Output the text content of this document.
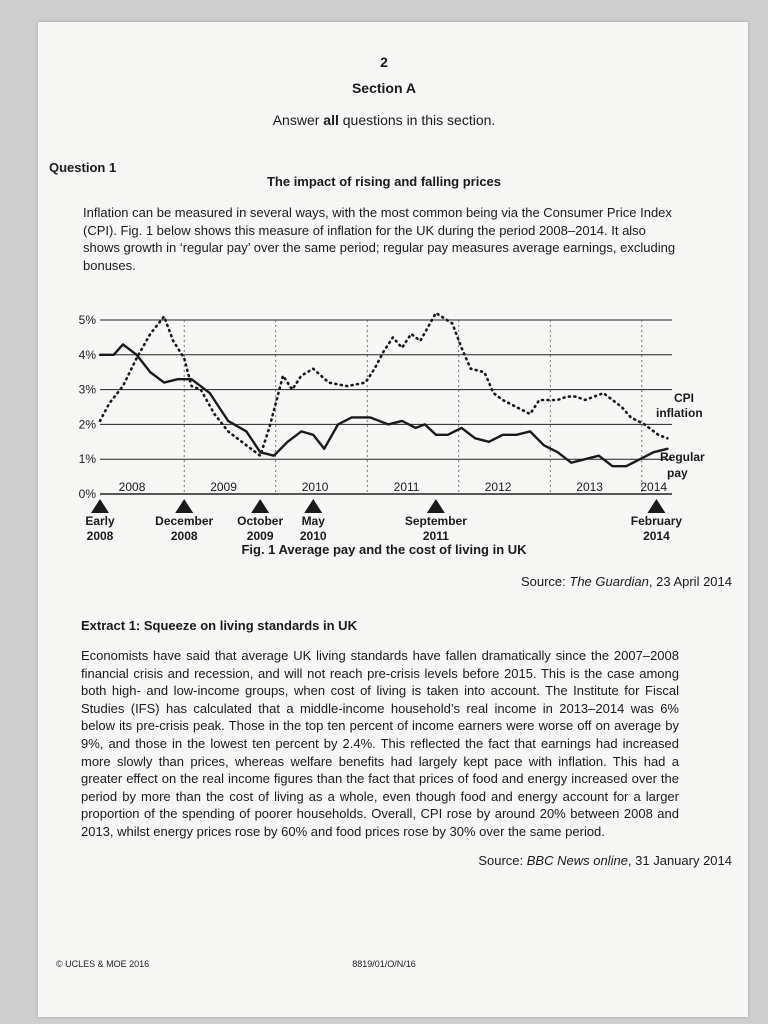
2
Section A
Answer all questions in this section.
Question 1
The impact of rising and falling prices

Inflation can be measured in several ways, with the most common being via the Consumer Price Index (CPI). Fig. 1 below shows this measure of inflation for the UK during the period 2008–2014. It also shows growth in ‘regular pay’ over the same period; regular pay measures average earnings, excluding bonuses.

0%
1%
2%
3%
4%
5%
2008	2009	2010	2011	2012	2013	2014
CPI
inflation
Regular
pay
Early
2008
December
2008
October
2009
May
2010
September
2011
February
2014
Fig. 1 Average pay and the cost of living in UK
Source: The Guardian, 23 April 2014
Extract 1: Squeeze on living standards in UK

Economists have said that average UK living standards have fallen dramatically since the 2007–2008 financial crisis and recession, and will not reach pre-crisis levels before 2015. This is the case among both high- and low-income groups, when cost of living is taken into account. The Institute for Fiscal Studies (IFS) has calculated that a middle-income household’s real income in 2013–2014 was 6% below its pre-crisis peak. Those in the top ten percent of income earners were worse off on average by 9%, and those in the lowest ten percent by 2.4%. This reflected the fact that earnings had increased more slowly than prices, whereas welfare benefits had largely kept pace with inflation. This had a greater effect on the real income figures than the fact that prices of food and energy increased over the period by more than the cost of living as a whole, even though food and energy account for a larger proportion of the spending of poorer households. Overall, CPI rose by around 20% between 2008 and 2013, whilst energy prices rose by 60% and food prices rose by 30% over the same period.

Source: BBC News online, 31 January 2014
© UCLES & MOE 2016	8819/01/O/N/16
